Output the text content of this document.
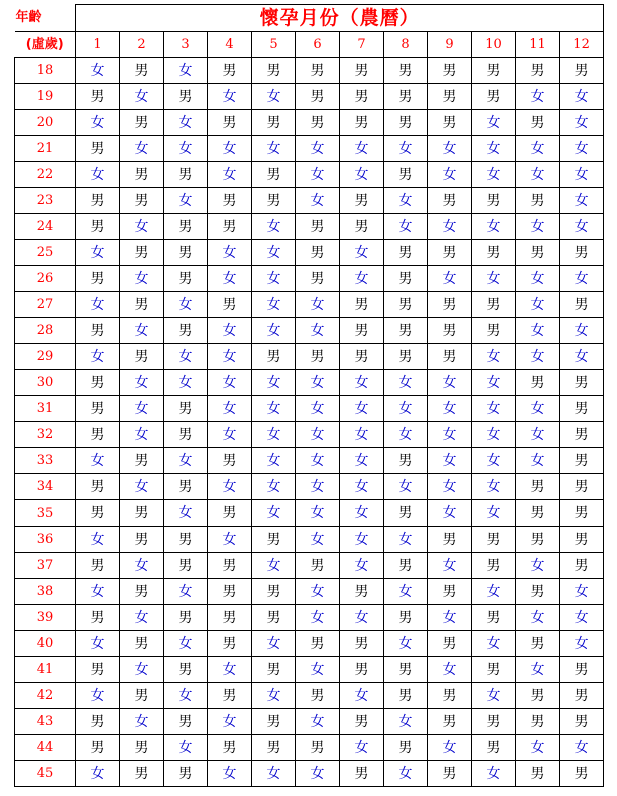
年齡	懷孕月份（農曆）											
(虛歲)	1	2	3	4	5	6	7	8	9	10	11	12
18	女	男	女	男	男	男	男	男	男	男	男	男
19	男	女	男	女	女	男	男	男	男	男	女	女
20	女	男	女	男	男	男	男	男	男	女	男	女
21	男	女	女	女	女	女	女	女	女	女	女	女
22	女	男	男	女	男	女	女	男	女	女	女	女
23	男	男	女	男	男	女	男	女	男	男	男	女
24	男	女	男	男	女	男	男	女	女	女	女	女
25	女	男	男	女	女	男	女	男	男	男	男	男
26	男	女	男	女	女	男	女	男	女	女	女	女
27	女	男	女	男	女	女	男	男	男	男	女	男
28	男	女	男	女	女	女	男	男	男	男	女	女
29	女	男	女	女	男	男	男	男	男	女	女	女
30	男	女	女	女	女	女	女	女	女	女	男	男
31	男	女	男	女	女	女	女	女	女	女	女	男
32	男	女	男	女	女	女	女	女	女	女	女	男
33	女	男	女	男	女	女	女	男	女	女	女	男
34	男	女	男	女	女	女	女	女	女	女	男	男
35	男	男	女	男	女	女	女	男	女	女	男	男
36	女	男	男	女	男	女	女	女	男	男	男	男
37	男	女	男	男	女	男	女	男	女	男	女	男
38	女	男	女	男	男	女	男	女	男	女	男	女
39	男	女	男	男	男	女	女	男	女	男	女	女
40	女	男	女	男	女	男	男	女	男	女	男	女
41	男	女	男	女	男	女	男	男	女	男	女	男
42	女	男	女	男	女	男	女	男	男	女	男	男
43	男	女	男	女	男	女	男	女	男	男	男	男
44	男	男	女	男	男	男	女	男	女	男	女	女
45	女	男	男	女	女	女	男	女	男	女	男	男
